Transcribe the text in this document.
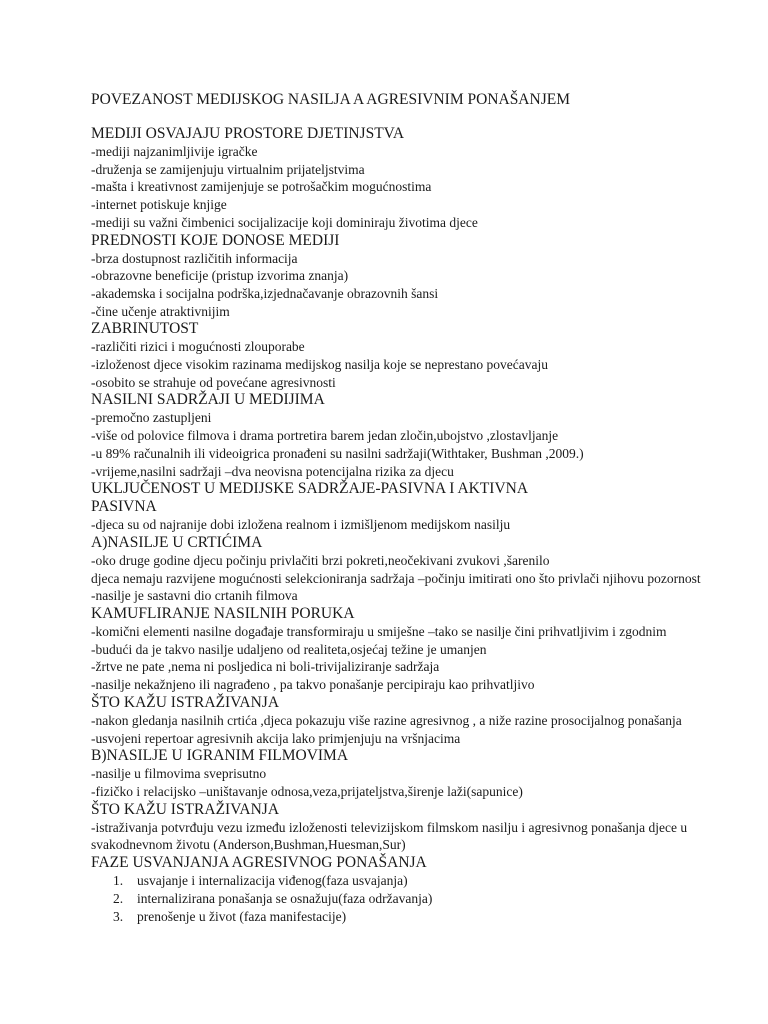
POVEZANOST MEDIJSKOG NASILJA A AGRESIVNIM PONAŠANJEM
MEDIJI OSVAJAJU PROSTORE DJETINJSTVA
-mediji najzanimljivije igračke
-druženja se zamijenjuju virtualnim prijateljstvima
-mašta i kreativnost zamijenjuje se potrošačkim mogućnostima
-internet potiskuje knjige
-mediji su važni čimbenici socijalizacije koji dominiraju životima djece
PREDNOSTI KOJE DONOSE MEDIJI
-brza dostupnost različitih informacija
-obrazovne beneficije (pristup izvorima znanja)
-akademska i socijalna podrška,izjednačavanje obrazovnih šansi
-čine učenje atraktivnijim
ZABRINUTOST
-različiti rizici i mogućnosti zlouporabe
-izloženost djece visokim razinama medijskog nasilja koje se neprestano povećavaju
-osobito se strahuje od povećane agresivnosti
NASILNI SADRŽAJI U MEDIJIMA
-premočno zastupljeni
-više od polovice filmova i drama portretira barem jedan zločin,ubojstvo ,zlostavljanje
-u 89% računalnih ili videoigrica pronađeni su nasilni sadržaji(Withtaker, Bushman ,2009.)
-vrijeme,nasilni sadržaji –dva neovisna potencijalna rizika za djecu
UKLJUČENOST U MEDIJSKE SADRŽAJE-PASIVNA I AKTIVNA
PASIVNA
-djeca su od najranije dobi izložena realnom i izmišljenom medijskom nasilju
A)NASILJE U CRTIĆIMA
-oko druge godine djecu počinju privlačiti brzi pokreti,neočekivani zvukovi ,šarenilo
djeca nemaju razvijene mogućnosti selekcioniranja sadržaja –počinju imitirati ono što privlači njihovu pozornost
-nasilje je sastavni dio crtanih filmova
KAMUFLIRANJE NASILNIH PORUKA
-komični elementi nasilne događaje transformiraju u smiješne –tako se nasilje čini prihvatljivim i zgodnim
-budući da je takvo nasilje udaljeno od realiteta,osjećaj težine je umanjen
-žrtve ne pate ,nema ni posljedica ni boli-trivijaliziranje sadržaja
-nasilje nekažnjeno ili nagrađeno , pa takvo ponašanje percipiraju kao prihvatljivo
ŠTO KAŽU ISTRAŽIVANJA
-nakon gledanja nasilnih crtića ,djeca pokazuju više razine agresivnog , a niže razine prosocijalnog ponašanja
-usvojeni repertoar agresivnih akcija lako primjenjuju na vršnjacima
B)NASILJE U IGRANIM FILMOVIMA
-nasilje u filmovima sveprisutno
-fizičko i relacijsko –uništavanje odnosa,veza,prijateljstva,širenje laži(sapunice)
ŠTO KAŽU ISTRAŽIVANJA
-istraživanja potvrđuju vezu između izloženosti televizijskom filmskom nasilju i agresivnog ponašanja djece u svakodnevnom životu (Anderson,Bushman,Huesman,Sur)
FAZE USVANJANJA AGRESIVNOG PONAŠANJA
1. usvajanje i internalizacija viđenog(faza usvajanja)
2. internalizirana ponašanja se osnažuju(faza održavanja)
3. prenošenje u život (faza manifestacije)
